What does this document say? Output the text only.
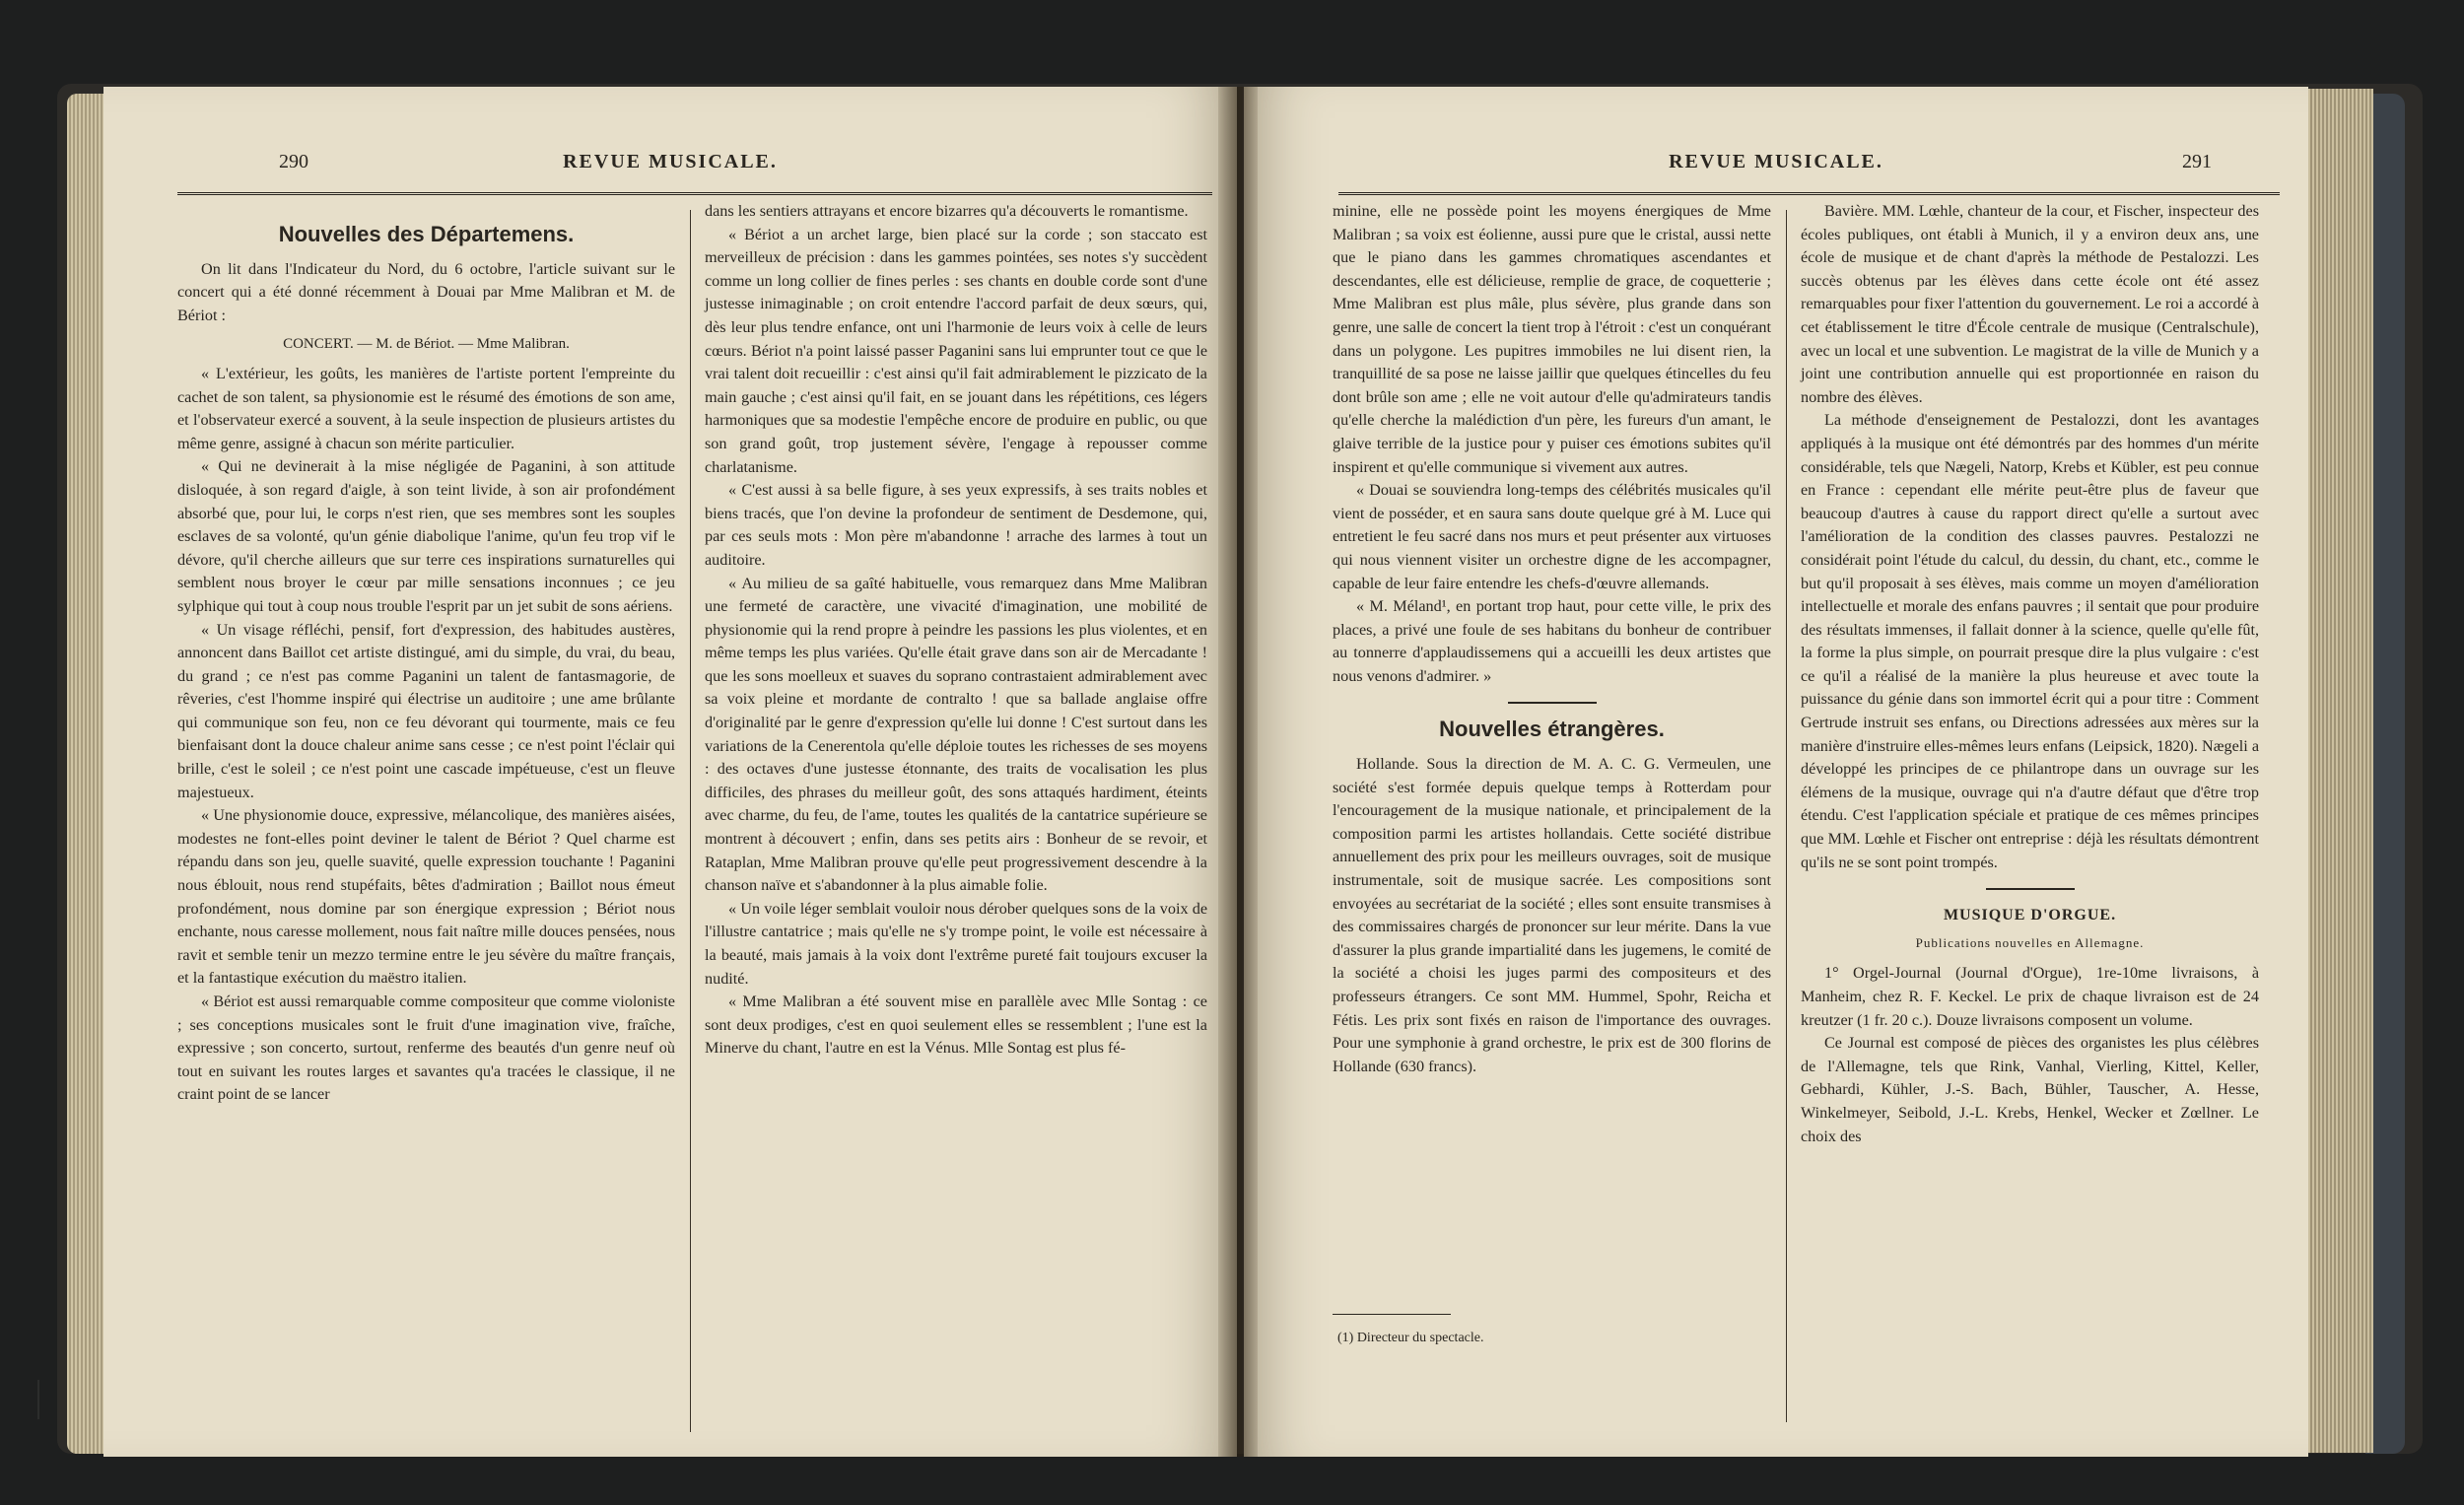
290	REVUE MUSICALE.
Nouvelles des Départemens.

On lit dans l'Indicateur du Nord, du 6 octobre, l'article suivant sur le concert qui a été donné récemment à Douai par Mme Malibran et M. de Bériot :

CONCERT. — M. de Bériot. — Mme Malibran.

« L'extérieur, les goûts, les manières de l'artiste portent l'empreinte du cachet de son talent, sa physionomie est le résumé des émotions de son ame, et l'observateur exercé a souvent, à la seule inspection de plusieurs artistes du même genre, assigné à chacun son mérite particulier.

« Qui ne devinerait à la mise négligée de Paganini, à son attitude disloquée, à son regard d'aigle, à son teint livide, à son air profondément absorbé que, pour lui, le corps n'est rien, que ses membres sont les souples esclaves de sa volonté, qu'un génie diabolique l'anime, qu'un feu trop vif le dévore, qu'il cherche ailleurs que sur terre ces inspirations surnaturelles qui semblent nous broyer le cœur par mille sensations inconnues ; ce jeu sylphique qui tout à coup nous trouble l'esprit par un jet subit de sons aériens.

« Un visage réfléchi, pensif, fort d'expression, des habitudes austères, annoncent dans Baillot cet artiste distingué, ami du simple, du vrai, du beau, du grand ; ce n'est pas comme Paganini un talent de fantasmagorie, de rêveries, c'est l'homme inspiré qui électrise un auditoire ; une ame brûlante qui communique son feu, non ce feu dévorant qui tourmente, mais ce feu bienfaisant dont la douce chaleur anime sans cesse ; ce n'est point l'éclair qui brille, c'est le soleil ; ce n'est point une cascade impétueuse, c'est un fleuve majestueux.

« Une physionomie douce, expressive, mélancolique, des manières aisées, modestes ne font-elles point deviner le talent de Bériot ? Quel charme est répandu dans son jeu, quelle suavité, quelle expression touchante ! Paganini nous éblouit, nous rend stupéfaits, bêtes d'admiration ; Baillot nous émeut profondément, nous domine par son énergique expression ; Bériot nous enchante, nous caresse mollement, nous fait naître mille douces pensées, nous ravit et semble tenir un mezzo termine entre le jeu sévère du maître français, et la fantastique exécution du maëstro italien.

« Bériot est aussi remarquable comme compositeur que comme violoniste ; ses conceptions musicales sont le fruit d'une imagination vive, fraîche, expressive ; son concerto, surtout, renferme des beautés d'un genre neuf où tout en suivant les routes larges et savantes qu'a tracées le classique, il ne craint point de se lancer

dans les sentiers attrayans et encore bizarres qu'a découverts le romantisme.

« Bériot a un archet large, bien placé sur la corde ; son staccato est merveilleux de précision : dans les gammes pointées, ses notes s'y succèdent comme un long collier de fines perles : ses chants en double corde sont d'une justesse inimaginable ; on croit entendre l'accord parfait de deux sœurs, qui, dès leur plus tendre enfance, ont uni l'harmonie de leurs voix à celle de leurs cœurs. Bériot n'a point laissé passer Paganini sans lui emprunter tout ce que le vrai talent doit recueillir : c'est ainsi qu'il fait admirablement le pizzicato de la main gauche ; c'est ainsi qu'il fait, en se jouant dans les répétitions, ces légers harmoniques que sa modestie l'empêche encore de produire en public, ou que son grand goût, trop justement sévère, l'engage à repousser comme charlatanisme.

« C'est aussi à sa belle figure, à ses yeux expressifs, à ses traits nobles et biens tracés, que l'on devine la profondeur de sentiment de Desdemone, qui, par ces seuls mots : Mon père m'abandonne ! arrache des larmes à tout un auditoire.

« Au milieu de sa gaîté habituelle, vous remarquez dans Mme Malibran une fermeté de caractère, une vivacité d'imagination, une mobilité de physionomie qui la rend propre à peindre les passions les plus violentes, et en même temps les plus variées. Qu'elle était grave dans son air de Mercadante ! que les sons moelleux et suaves du soprano contrastaient admirablement avec sa voix pleine et mordante de contralto ! que sa ballade anglaise offre d'originalité par le genre d'expression qu'elle lui donne ! C'est surtout dans les variations de la Cenerentola qu'elle déploie toutes les richesses de ses moyens : des octaves d'une justesse étonnante, des traits de vocalisation les plus difficiles, des phrases du meilleur goût, des sons attaqués hardiment, éteints avec charme, du feu, de l'ame, toutes les qualités de la cantatrice supérieure se montrent à découvert ; enfin, dans ses petits airs : Bonheur de se revoir, et Rataplan, Mme Malibran prouve qu'elle peut progressivement descendre à la chanson naïve et s'abandonner à la plus aimable folie.

« Un voile léger semblait vouloir nous dérober quelques sons de la voix de l'illustre cantatrice ; mais qu'elle ne s'y trompe point, le voile est nécessaire à la beauté, mais jamais à la voix dont l'extrême pureté fait toujours excuser la nudité.

« Mme Malibran a été souvent mise en parallèle avec Mlle Sontag : ce sont deux prodiges, c'est en quoi seulement elles se ressemblent ; l'une est la Minerve du chant, l'autre en est la Vénus. Mlle Sontag est plus fé-

REVUE MUSICALE.	291

minine, elle ne possède point les moyens énergiques de Mme Malibran ; sa voix est éolienne, aussi pure que le cristal, aussi nette que le piano dans les gammes chromatiques ascendantes et descendantes, elle est délicieuse, remplie de grace, de coquetterie ; Mme Malibran est plus mâle, plus sévère, plus grande dans son genre, une salle de concert la tient trop à l'étroit : c'est un conquérant dans un polygone. Les pupitres immobiles ne lui disent rien, la tranquillité de sa pose ne laisse jaillir que quelques étincelles du feu dont brûle son ame ; elle ne voit autour d'elle qu'admirateurs tandis qu'elle cherche la malédiction d'un père, les fureurs d'un amant, le glaive terrible de la justice pour y puiser ces émotions subites qu'il inspirent et qu'elle communique si vivement aux autres.

« Douai se souviendra long-temps des célébrités musicales qu'il vient de posséder, et en saura sans doute quelque gré à M. Luce qui entretient le feu sacré dans nos murs et peut présenter aux virtuoses qui nous viennent visiter un orchestre digne de les accompagner, capable de leur faire entendre les chefs-d'œuvre allemands.

« M. Méland¹, en portant trop haut, pour cette ville, le prix des places, a privé une foule de ses habitans du bonheur de contribuer au tonnerre d'applaudissemens qui a accueilli les deux artistes que nous venons d'admirer. »

Nouvelles étrangères.

Hollande. Sous la direction de M. A. C. G. Vermeulen, une société s'est formée depuis quelque temps à Rotterdam pour l'encouragement de la musique nationale, et principalement de la composition parmi les artistes hollandais. Cette société distribue annuellement des prix pour les meilleurs ouvrages, soit de musique instrumentale, soit de musique sacrée. Les compositions sont envoyées au secrétariat de la société ; elles sont ensuite transmises à des commissaires chargés de prononcer sur leur mérite. Dans la vue d'assurer la plus grande impartialité dans les jugemens, le comité de la société a choisi les juges parmi des compositeurs et des professeurs étrangers. Ce sont MM. Hummel, Spohr, Reicha et Fétis. Les prix sont fixés en raison de l'importance des ouvrages. Pour une symphonie à grand orchestre, le prix est de 300 florins de Hollande (630 francs).

(1) Directeur du spectacle.

Bavière. MM. Lœhle, chanteur de la cour, et Fischer, inspecteur des écoles publiques, ont établi à Munich, il y a environ deux ans, une école de musique et de chant d'après la méthode de Pestalozzi. Les succès obtenus par les élèves dans cette école ont été assez remarquables pour fixer l'attention du gouvernement. Le roi a accordé à cet établissement le titre d'École centrale de musique (Centralschule), avec un local et une subvention. Le magistrat de la ville de Munich y a joint une contribution annuelle qui est proportionnée en raison du nombre des élèves.

La méthode d'enseignement de Pestalozzi, dont les avantages appliqués à la musique ont été démontrés par des hommes d'un mérite considérable, tels que Nægeli, Natorp, Krebs et Kübler, est peu connue en France : cependant elle mérite peut-être plus de faveur que beaucoup d'autres à cause du rapport direct qu'elle a surtout avec l'amélioration de la condition des classes pauvres. Pestalozzi ne considérait point l'étude du calcul, du dessin, du chant, etc., comme le but qu'il proposait à ses élèves, mais comme un moyen d'amélioration intellectuelle et morale des enfans pauvres ; il sentait que pour produire des résultats immenses, il fallait donner à la science, quelle qu'elle fût, la forme la plus simple, on pourrait presque dire la plus vulgaire : c'est ce qu'il a réalisé de la manière la plus heureuse et avec toute la puissance du génie dans son immortel écrit qui a pour titre : Comment Gertrude instruit ses enfans, ou Directions adressées aux mères sur la manière d'instruire elles-mêmes leurs enfans (Leipsick, 1820). Nægeli a développé les principes de ce philantrope dans un ouvrage sur les élémens de la musique, ouvrage qui n'a d'autre défaut que d'être trop étendu. C'est l'application spéciale et pratique de ces mêmes principes que MM. Lœhle et Fischer ont entreprise : déjà les résultats démontrent qu'ils ne se sont point trompés.

MUSIQUE D'ORGUE.

Publications nouvelles en Allemagne.

1° Orgel-Journal (Journal d'Orgue), 1re-10me livraisons, à Manheim, chez R. F. Keckel. Le prix de chaque livraison est de 24 kreutzer (1 fr. 20 c.). Douze livraisons composent un volume.

Ce Journal est composé de pièces des organistes les plus célèbres de l'Allemagne, tels que Rink, Vanhal, Vierling, Kittel, Keller, Gebhardi, Kühler, J.-S. Bach, Bühler, Tauscher, A. Hesse, Winkelmeyer, Seibold, J.-L. Krebs, Henkel, Wecker et Zœllner. Le choix des
